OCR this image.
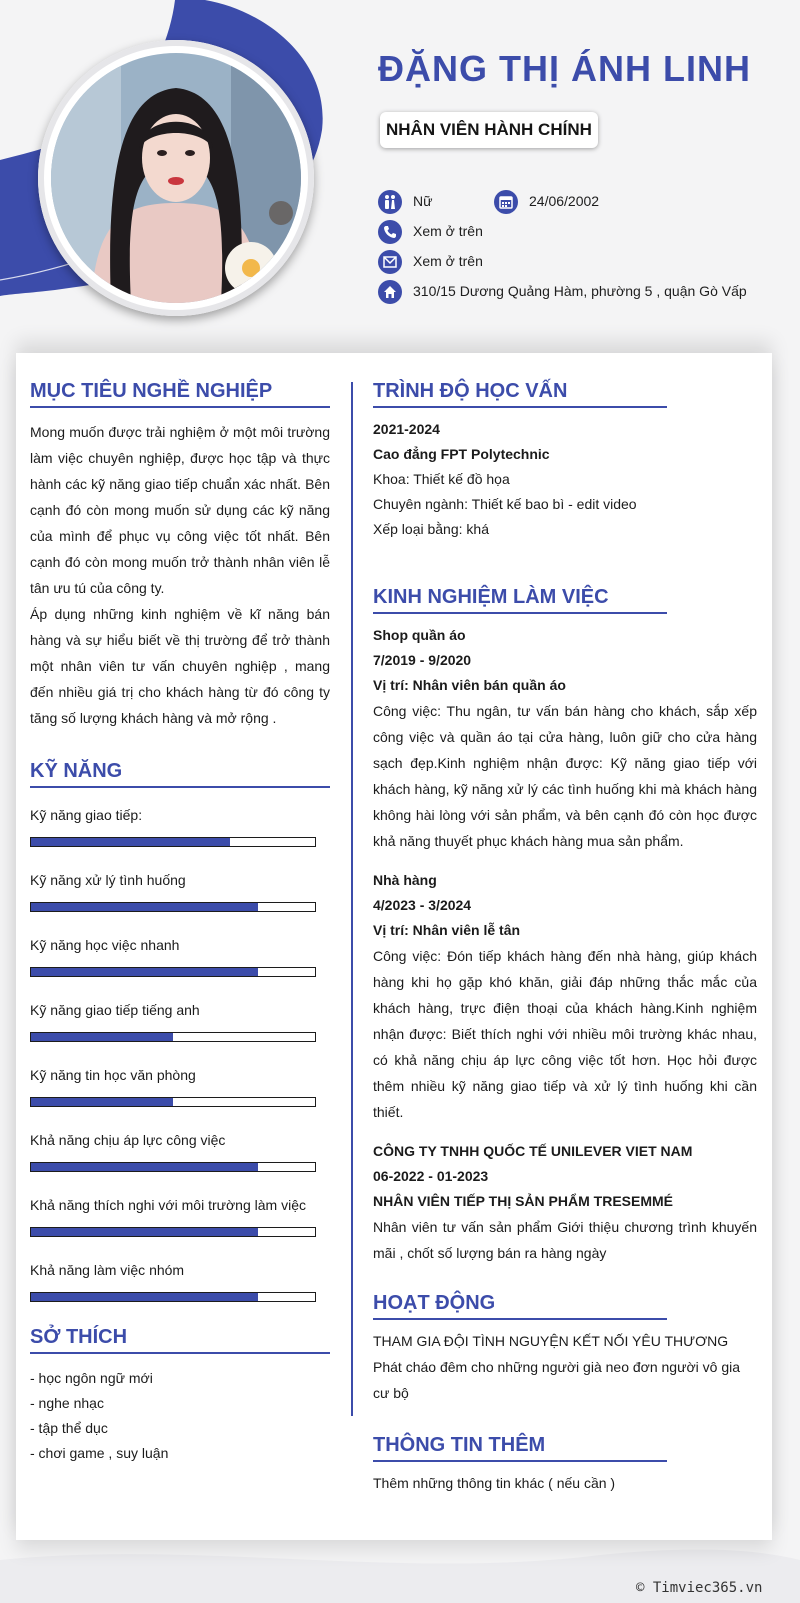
ĐẶNG THỊ ÁNH LINH
NHÂN VIÊN HÀNH CHÍNH
Nữ	24/06/2002
Xem ở trên
Xem ở trên
310/15 Dương Quảng Hàm, phường 5 , quận Gò Vấp
MỤC TIÊU NGHỀ NGHIỆP

Mong muốn được trải nghiệm ở một môi trường làm việc chuyên nghiệp, được học tập và thực hành các kỹ năng giao tiếp chuẩn xác nhất. Bên cạnh đó còn mong muốn sử dụng các kỹ năng của mình để phục vụ công việc tốt nhất. Bên cạnh đó còn mong muốn trở thành nhân viên lễ tân ưu tú của công ty.

Áp dụng những kinh nghiệm về kĩ năng bán hàng và sự hiểu biết về thị trường để trở thành một nhân viên tư vấn chuyên nghiệp , mang đến nhiều giá trị cho khách hàng từ đó công ty tăng số lượng khách hàng và mở rộng .

KỸ NĂNG
Kỹ năng giao tiếp:
Kỹ năng xử lý tình huống
Kỹ năng học việc nhanh
Kỹ năng giao tiếp tiếng anh
Kỹ năng tin học văn phòng
Khả năng chịu áp lực công việc
Khả năng thích nghi với môi trường làm việc
Khả năng làm việc nhóm
SỞ THÍCH
- học ngôn ngữ mới
- nghe nhạc
- tập thể dục
- chơi game , suy luận
TRÌNH ĐỘ HỌC VẤN
2021-2024
Cao đẳng FPT Polytechnic
Khoa: Thiết kế đồ họa
Chuyên ngành: Thiết kế bao bì - edit video
Xếp loại bằng: khá
KINH NGHIỆM LÀM VIỆC
Shop quần áo
7/2019 - 9/2020
Vị trí: Nhân viên bán quần áo

Công việc: Thu ngân, tư vấn bán hàng cho khách, sắp xếp công việc và quần áo tại cửa hàng, luôn giữ cho cửa hàng sạch đẹp.Kinh nghiệm nhận được: Kỹ năng giao tiếp với khách hàng, kỹ năng xử lý các tình huống khi mà khách hàng không hài lòng với sản phẩm, và bên cạnh đó còn học được khả năng thuyết phục khách hàng mua sản phẩm.

Nhà hàng
4/2023 - 3/2024
Vị trí: Nhân viên lễ tân

Công việc: Đón tiếp khách hàng đến nhà hàng, giúp khách hàng khi họ gặp khó khăn, giải đáp những thắc mắc của khách hàng, trực điện thoại của khách hàng.Kinh nghiệm nhận được: Biết thích nghi với nhiều môi trường khác nhau, có khả năng chịu áp lực công việc tốt hơn. Học hỏi được thêm nhiều kỹ năng giao tiếp và xử lý tình huống khi cần thiết.

CÔNG TY TNHH QUỐC TẾ UNILEVER VIET NAM
06-2022 - 01-2023
NHÂN VIÊN TIẾP THỊ SẢN PHẨM TRESEMMÉ

Nhân viên tư vấn sản phẩm Giới thiệu chương trình khuyến mãi , chốt số lượng bán ra hàng ngày

HOẠT ĐỘNG
THAM GIA ĐỘI TÌNH NGUYỆN KẾT NỐI YÊU THƯƠNG

Phát cháo đêm cho những người già neo đơn người vô gia cư bộ

THÔNG TIN THÊM
Thêm những thông tin khác ( nếu cần )
© Timviec365.vn
